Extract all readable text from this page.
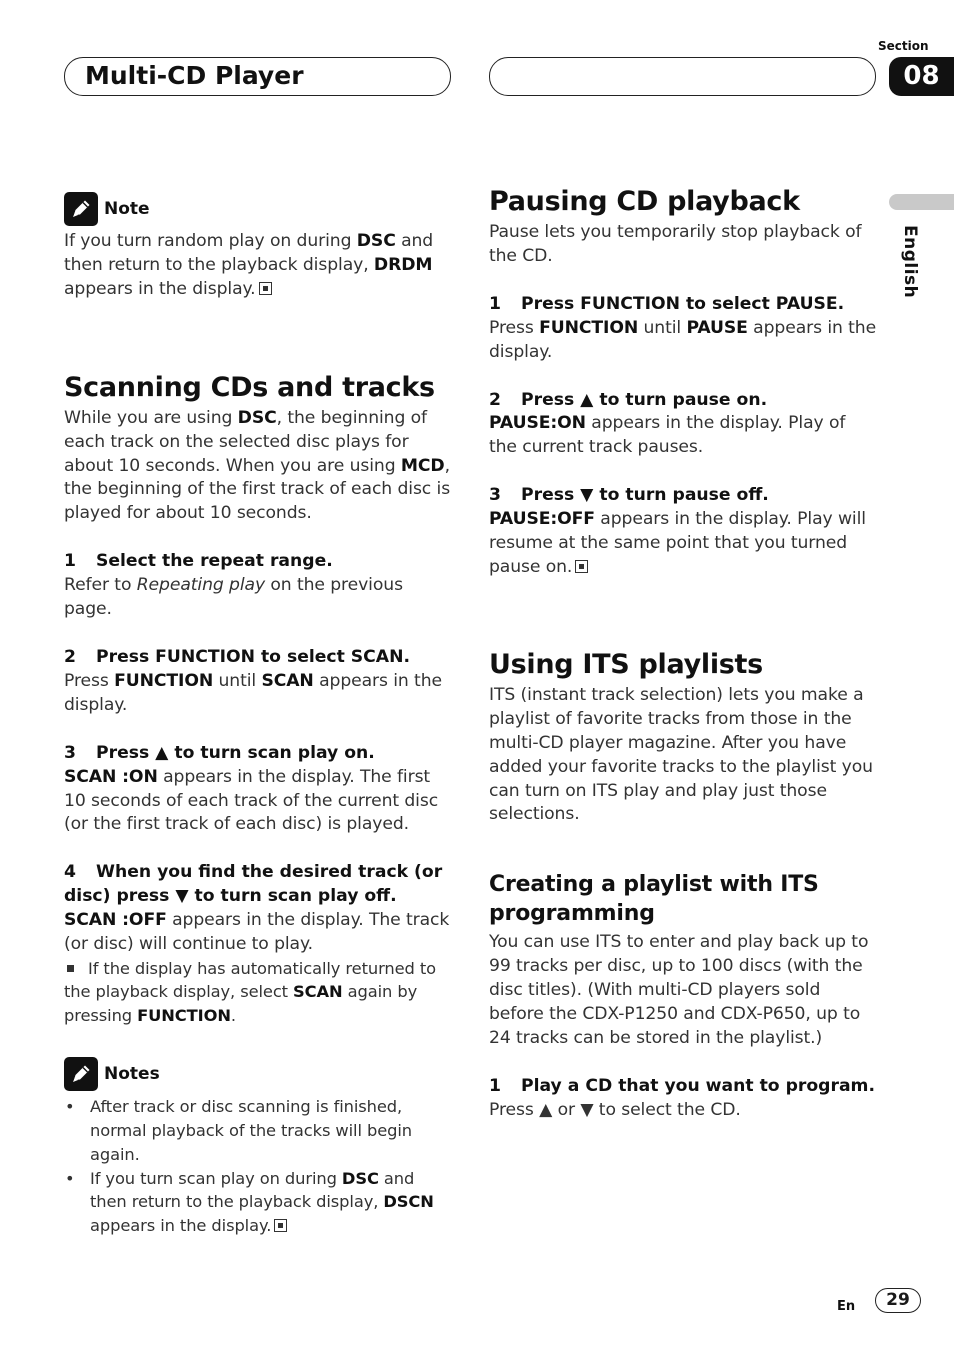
Multi-CD Player
Section
08
English
Note

If you turn random play on during DSC and then return to the playback display, DRDM appears in the display.

Scanning CDs and tracks

While you are using DSC, the beginning of each track on the selected disc plays for about 10 seconds. When you are using MCD, the beginning of the first track of each disc is played for about 10 seconds.

1 Select the repeat range.

Refer to Repeating play on the previous page.

2 Press FUNCTION to select SCAN.

Press FUNCTION until SCAN appears in the display.

3 Press ▲ to turn scan play on.

SCAN :ON appears in the display. The first 10 seconds of each track of the current disc (or the first track of each disc) is played.

4 When you find the desired track (or disc) press ▼ to turn scan play off.

SCAN :OFF appears in the display. The track (or disc) will continue to play.

If the display has automatically returned to the playback display, select SCAN again by pressing FUNCTION.

Notes

• After track or disc scanning is finished, normal playback of the tracks will begin again.

• If you turn scan play on during DSC and then return to the playback display, DSCN appears in the display.

Pausing CD playback

Pause lets you temporarily stop playback of the CD.

1 Press FUNCTION to select PAUSE.

Press FUNCTION until PAUSE appears in the display.

2 Press ▲ to turn pause on.

PAUSE:ON appears in the display. Play of the current track pauses.

3 Press ▼ to turn pause off.

PAUSE:OFF appears in the display. Play will resume at the same point that you turned pause on.

Using ITS playlists

ITS (instant track selection) lets you make a playlist of favorite tracks from those in the multi-CD player magazine. After you have added your favorite tracks to the playlist you can turn on ITS play and play just those selections.

Creating a playlist with ITS programming

You can use ITS to enter and play back up to 99 tracks per disc, up to 100 discs (with the disc titles). (With multi-CD players sold before the CDX-P1250 and CDX-P650, up to 24 tracks can be stored in the playlist.)

1 Play a CD that you want to program.

Press ▲ or ▼ to select the CD.

En	29
